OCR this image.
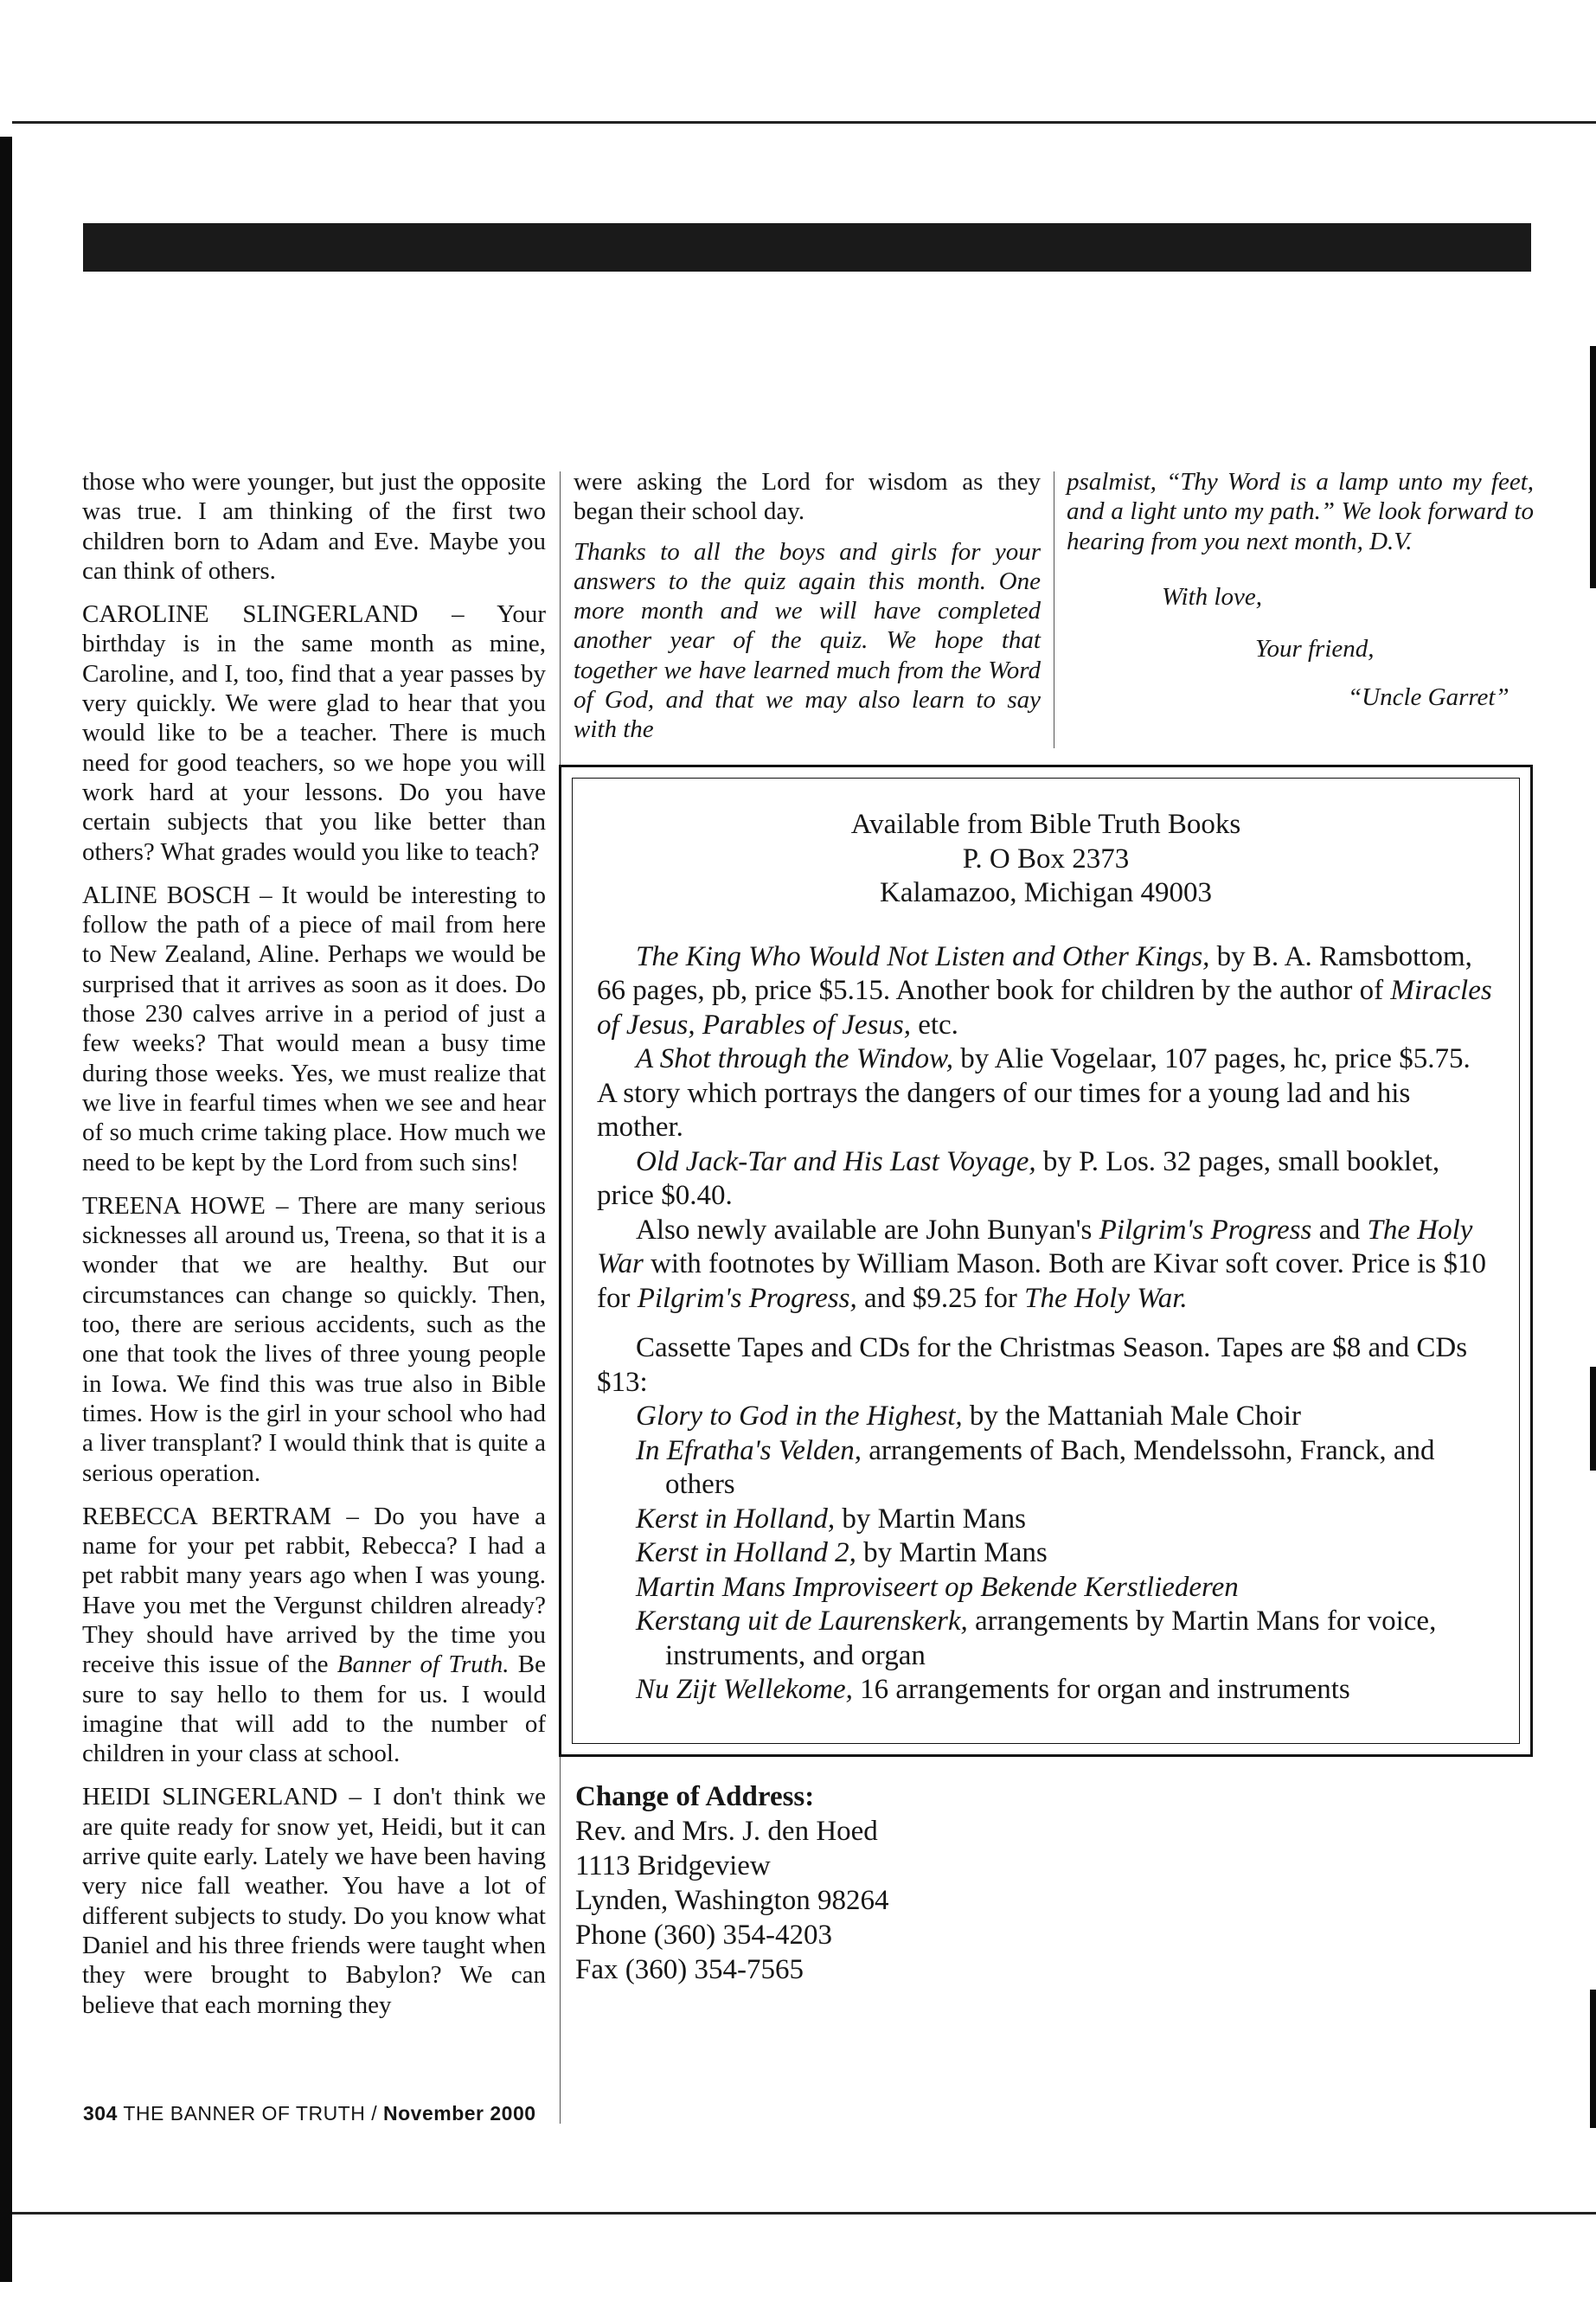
those who were younger, but just the opposite was true. I am thinking of the first two children born to Adam and Eve. Maybe you can think of others.

CAROLINE SLINGERLAND – Your birthday is in the same month as mine, Caroline, and I, too, find that a year passes by very quickly. We were glad to hear that you would like to be a teacher. There is much need for good teachers, so we hope you will work hard at your lessons. Do you have certain subjects that you like better than others? What grades would you like to teach?

ALINE BOSCH – It would be interesting to follow the path of a piece of mail from here to New Zealand, Aline. Perhaps we would be surprised that it arrives as soon as it does. Do those 230 calves arrive in a period of just a few weeks? That would mean a busy time during those weeks. Yes, we must realize that we live in fearful times when we see and hear of so much crime taking place. How much we need to be kept by the Lord from such sins!

TREENA HOWE – There are many serious sicknesses all around us, Treena, so that it is a wonder that we are healthy. But our circumstances can change so quickly. Then, too, there are serious accidents, such as the one that took the lives of three young people in Iowa. We find this was true also in Bible times. How is the girl in your school who had a liver transplant? I would think that is quite a serious operation.

REBECCA BERTRAM – Do you have a name for your pet rabbit, Rebecca? I had a pet rabbit many years ago when I was young. Have you met the Vergunst children already? They should have arrived by the time you receive this issue of the Banner of Truth. Be sure to say hello to them for us. I would imagine that will add to the number of children in your class at school.

HEIDI SLINGERLAND – I don't think we are quite ready for snow yet, Heidi, but it can arrive quite early. Lately we have been having very nice fall weather. You have a lot of different subjects to study. Do you know what Daniel and his three friends were taught when they were brought to Babylon? We can believe that each morning they

were asking the Lord for wisdom as they began their school day.

Thanks to all the boys and girls for your answers to the quiz again this month. One more month and we will have completed another year of the quiz. We hope that together we have learned much from the Word of God, and that we may also learn to say with the

psalmist, “Thy Word is a lamp unto my feet, and a light unto my path.” We look forward to hearing from you next month, D.V.

With love,
Your friend,
“Uncle Garret”
Available from Bible Truth Books
P. O Box 2373
Kalamazoo, Michigan 49003
The King Who Would Not Listen and Other Kings, by B. A. Ramsbottom, 66 pages, pb, price $5.15. Another book for children by the author of Miracles of Jesus, Parables of Jesus, etc.
A Shot through the Window, by Alie Vogelaar, 107 pages, hc, price $5.75. A story which portrays the dangers of our times for a young lad and his mother.
Old Jack-Tar and His Last Voyage, by P. Los. 32 pages, small booklet, price $0.40.
Also newly available are John Bunyan's Pilgrim's Progress and The Holy War with footnotes by William Mason. Both are Kivar soft cover. Price is $10 for Pilgrim's Progress, and $9.25 for The Holy War.
Cassette Tapes and CDs for the Christmas Season. Tapes are $8 and CDs $13:
Glory to God in the Highest, by the Mattaniah Male Choir
In Efratha's Velden, arrangements of Bach, Mendelssohn, Franck, and others
Kerst in Holland, by Martin Mans
Kerst in Holland 2, by Martin Mans
Martin Mans Improviseert op Bekende Kerstliederen
Kerstang uit de Laurenskerk, arrangements by Martin Mans for voice, instruments, and organ
Nu Zijt Wellekome, 16 arrangements for organ and instruments
Change of Address:
Rev. and Mrs. J. den Hoed
1113 Bridgeview
Lynden, Washington 98264
Phone (360) 354-4203
Fax (360) 354-7565
304 THE BANNER OF TRUTH / November 2000
